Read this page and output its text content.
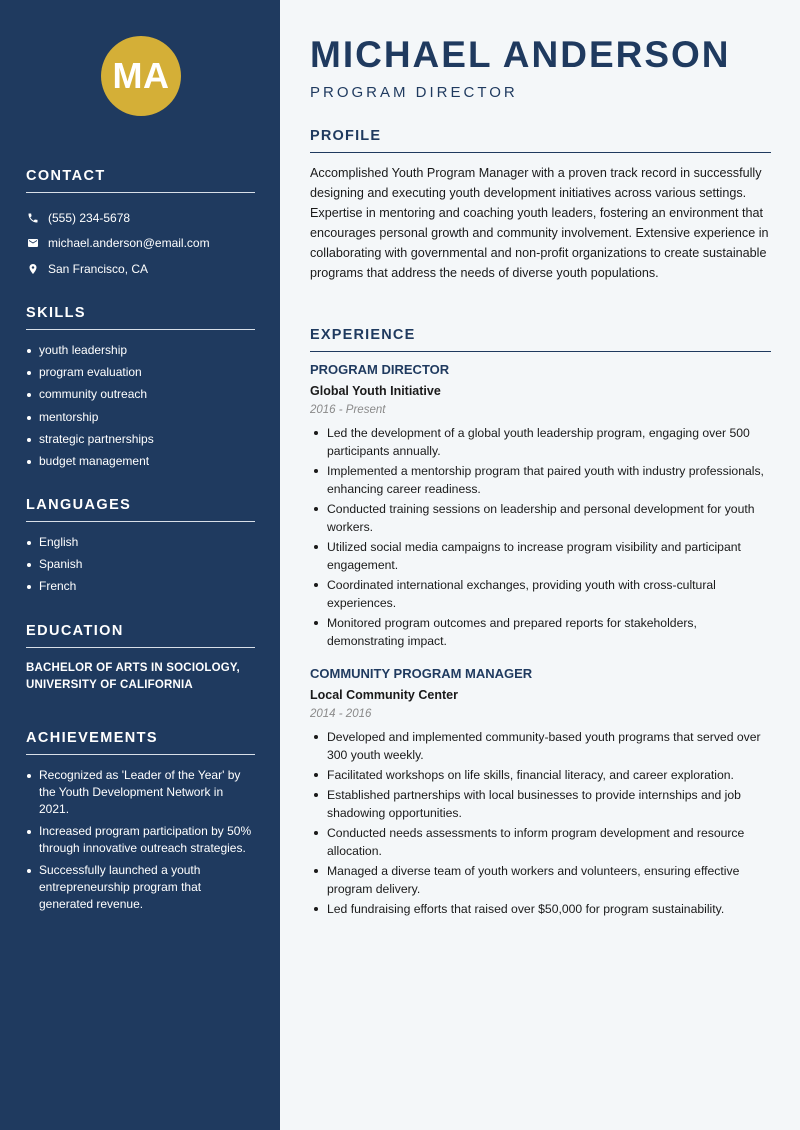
MA
CONTACT
(555) 234-5678
michael.anderson@email.com
San Francisco, CA
SKILLS
youth leadership
program evaluation
community outreach
mentorship
strategic partnerships
budget management
LANGUAGES
English
Spanish
French
EDUCATION

BACHELOR OF ARTS IN SOCIOLOGY, UNIVERSITY OF CALIFORNIA

ACHIEVEMENTS
Recognized as 'Leader of the Year' by the Youth Development Network in 2021.
Increased program participation by 50% through innovative outreach strategies.
Successfully launched a youth entrepreneurship program that generated revenue.
MICHAEL ANDERSON
PROGRAM DIRECTOR
PROFILE

Accomplished Youth Program Manager with a proven track record in successfully designing and executing youth development initiatives across various settings. Expertise in mentoring and coaching youth leaders, fostering an environment that encourages personal growth and community involvement. Extensive experience in collaborating with governmental and non-profit organizations to create sustainable programs that address the needs of diverse youth populations.

EXPERIENCE
PROGRAM DIRECTOR
Global Youth Initiative
2016 - Present
Led the development of a global youth leadership program, engaging over 500 participants annually.
Implemented a mentorship program that paired youth with industry professionals, enhancing career readiness.
Conducted training sessions on leadership and personal development for youth workers.
Utilized social media campaigns to increase program visibility and participant engagement.
Coordinated international exchanges, providing youth with cross-cultural experiences.
Monitored program outcomes and prepared reports for stakeholders, demonstrating impact.
COMMUNITY PROGRAM MANAGER
Local Community Center
2014 - 2016
Developed and implemented community-based youth programs that served over 300 youth weekly.
Facilitated workshops on life skills, financial literacy, and career exploration.
Established partnerships with local businesses to provide internships and job shadowing opportunities.
Conducted needs assessments to inform program development and resource allocation.
Managed a diverse team of youth workers and volunteers, ensuring effective program delivery.
Led fundraising efforts that raised over $50,000 for program sustainability.
